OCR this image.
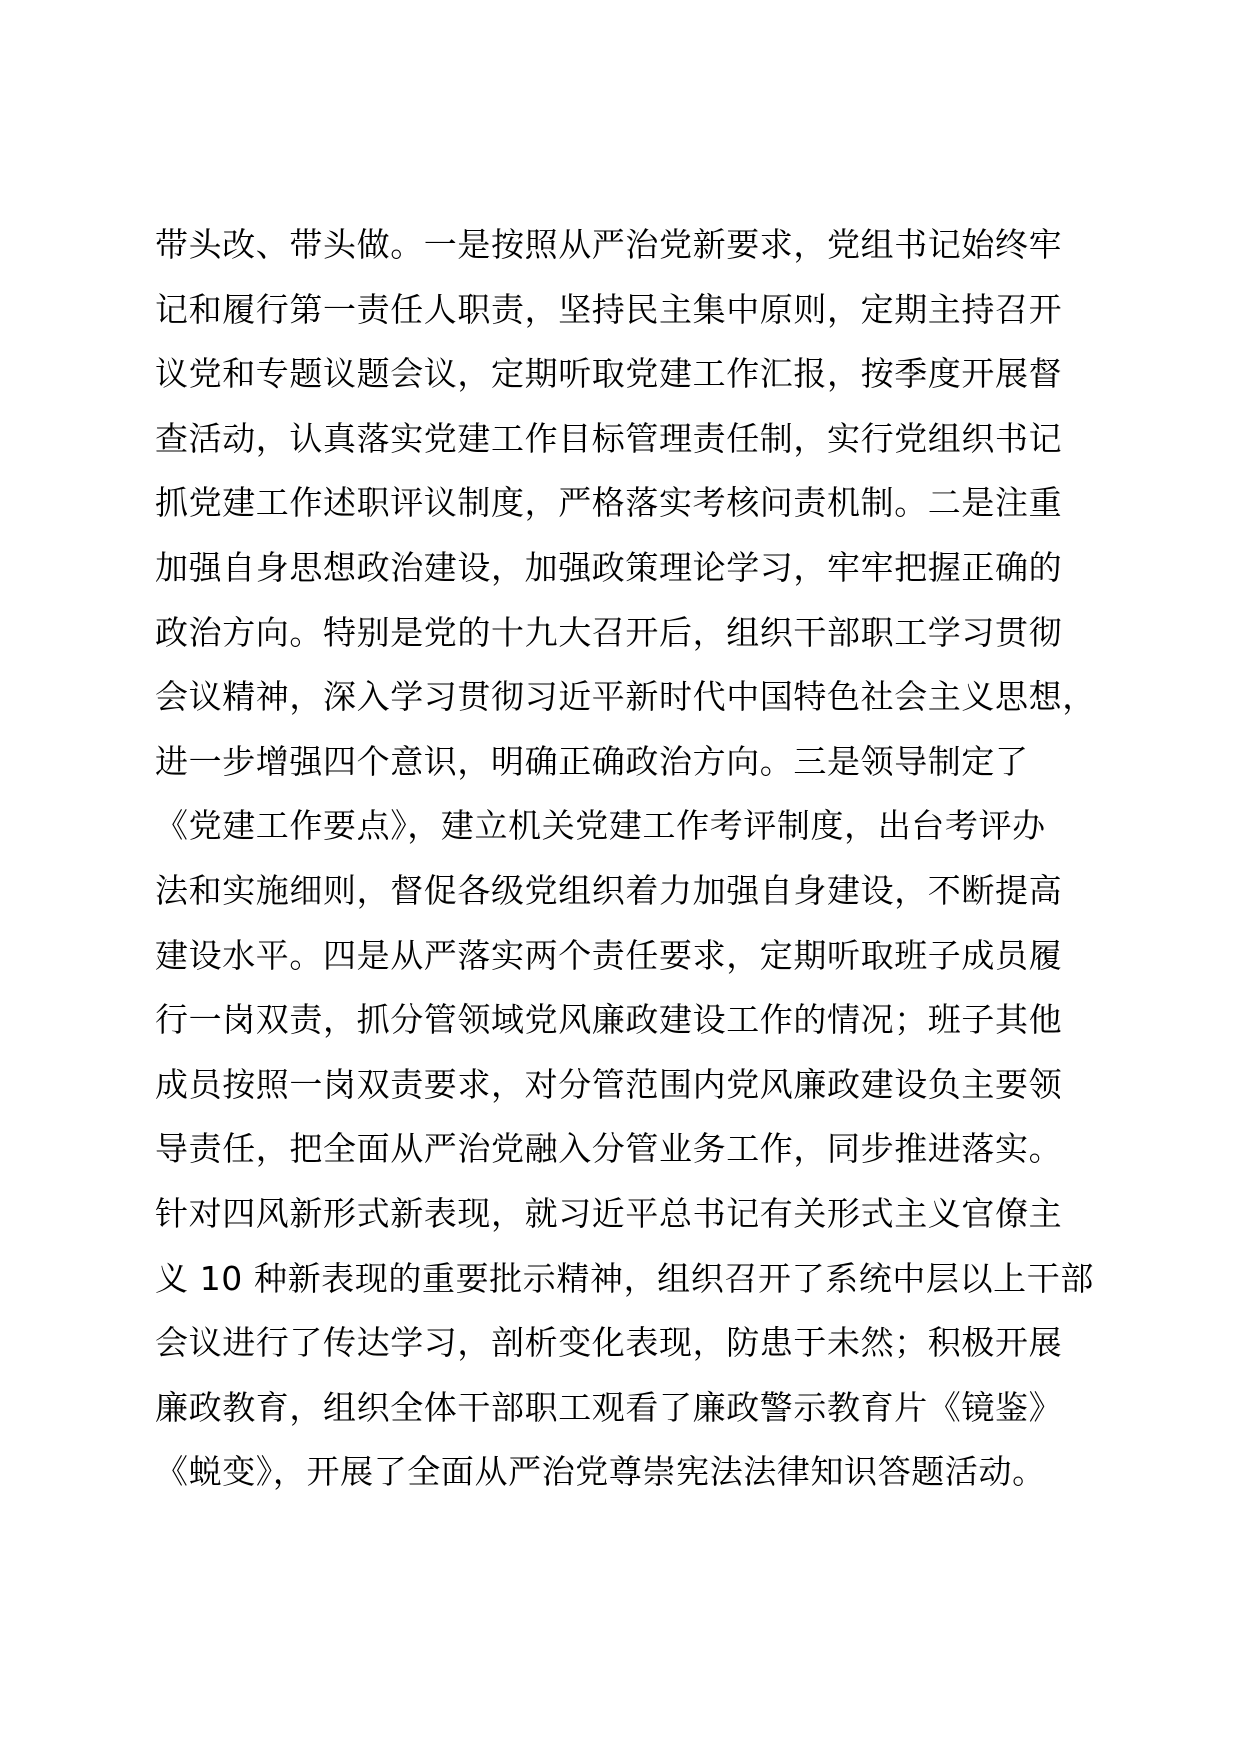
带头改、带头做。一是按照从严治党新要求，党组书记始终牢
记和履行第一责任人职责，坚持民主集中原则，定期主持召开
议党和专题议题会议，定期听取党建工作汇报，按季度开展督
查活动，认真落实党建工作目标管理责任制，实行党组织书记
抓党建工作述职评议制度，严格落实考核问责机制。二是注重
加强自身思想政治建设，加强政策理论学习，牢牢把握正确的
政治方向。特别是党的十九大召开后，组织干部职工学习贯彻
会议精神，深入学习贯彻习近平新时代中国特色社会主义思想，
进一步增强四个意识，明确正确政治方向。三是领导制定了
《党建工作要点》，建立机关党建工作考评制度，出台考评办
法和实施细则，督促各级党组织着力加强自身建设，不断提高
建设水平。四是从严落实两个责任要求，定期听取班子成员履
行一岗双责，抓分管领域党风廉政建设工作的情况；班子其他
成员按照一岗双责要求，对分管范围内党风廉政建设负主要领
导责任，把全面从严治党融入分管业务工作，同步推进落实。
针对四风新形式新表现，就习近平总书记有关形式主义官僚主
义 10 种新表现的重要批示精神，组织召开了系统中层以上干部
会议进行了传达学习，剖析变化表现，防患于未然；积极开展
廉政教育，组织全体干部职工观看了廉政警示教育片《镜鉴》
《蜕变》，开展了全面从严治党尊崇宪法法律知识答题活动。
